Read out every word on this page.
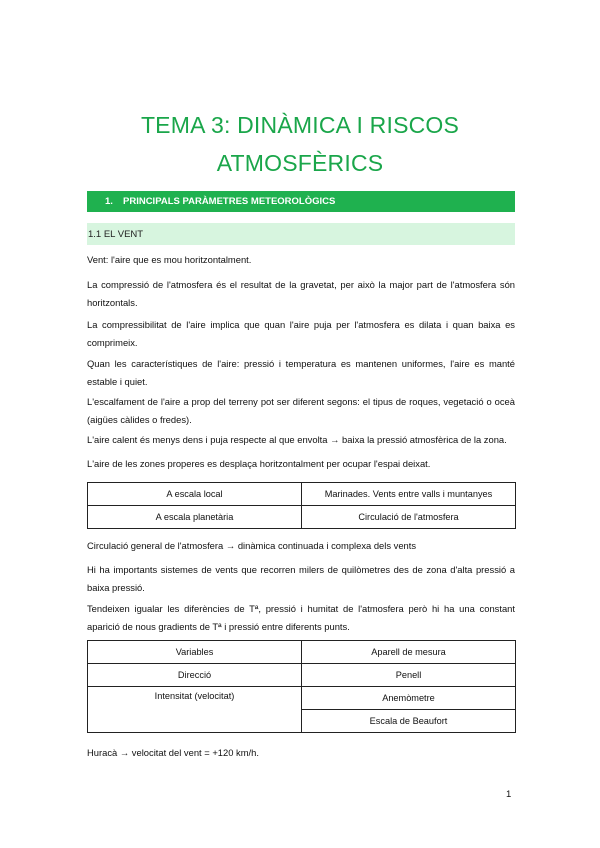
TEMA 3: DINÀMICA I RISCOS
ATMOSFÈRICS
1. PRINCIPALS PARÀMETRES METEOROLÒGICS
1.1 EL VENT

Vent: l'aire que es mou horitzontalment.

La compressió de l'atmosfera és el resultat de la gravetat, per això la major part de l'atmosfera són horitzontals.

La compressibilitat de l'aire implica que quan l'aire puja per l'atmosfera es dilata i quan baixa es comprimeix.

Quan les característiques de l'aire: pressió i temperatura es mantenen uniformes, l'aire es manté estable i quiet.

L'escalfament de l'aire a prop del terreny pot ser diferent segons: el tipus de roques, vegetació o oceà (aigües càlides o fredes).

L'aire calent és menys dens i puja respecte al que envolta → baixa la pressió atmosfèrica de la zona.

L'aire de les zones properes es desplaça horitzontalment per ocupar l'espai deixat.

A escala local	Marinades. Vents entre valls i muntanyes
A escala planetària	Circulació de l'atmosfera

Circulació general de l'atmosfera → dinàmica continuada i complexa dels vents

Hi ha importants sistemes de vents que recorren milers de quilòmetres des de zona d'alta pressió a baixa pressió.

Tendeixen igualar les diferències de Tª, pressió i humitat de l'atmosfera però hi ha una constant aparició de nous gradients de Tª i pressió entre diferents punts.

Variables	Aparell de mesura
Direcció	Penell
Intensitat (velocitat)	Anemòmetre
	Escala de Beaufort

Huracà → velocitat del vent = +120 km/h.

1
